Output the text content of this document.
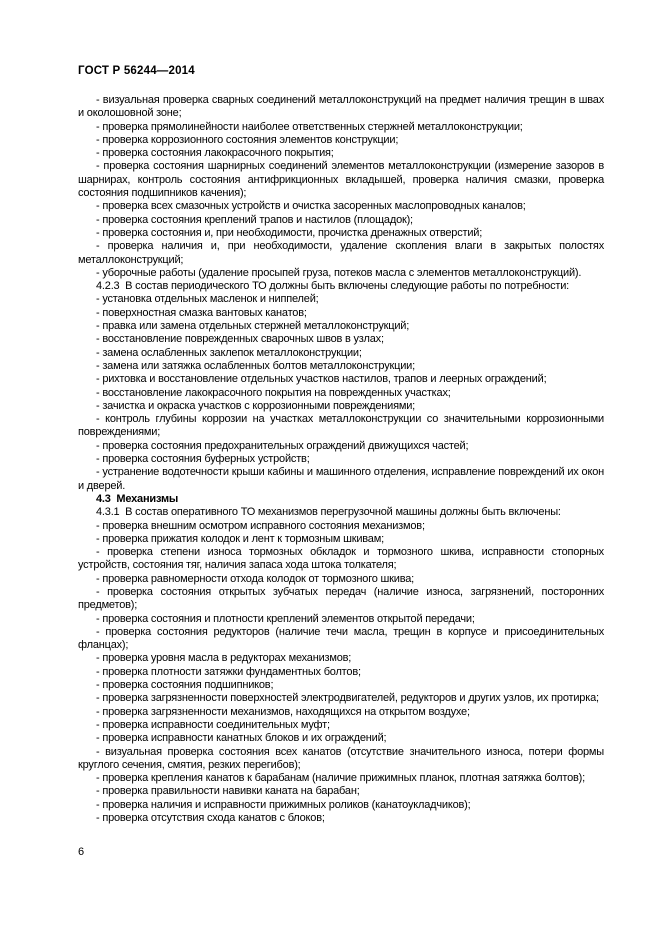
ГОСТ Р 56244—2014

- визуальная проверка сварных соединений металлоконструкций на предмет наличия трещин в швах и околошовной зоне;

- проверка прямолинейности наиболее ответственных стержней металлоконструкции;

- проверка коррозионного состояния элементов конструкции;

- проверка состояния лакокрасочного покрытия;

- проверка состояния шарнирных соединений элементов металлоконструкции (измерение зазоров в шарнирах, контроль состояния антифрикционных вкладышей, проверка наличия смазки, проверка состояния подшипников качения);

- проверка всех смазочных устройств и очистка засоренных маслопроводных каналов;

- проверка состояния креплений трапов и настилов (площадок);

- проверка состояния и, при необходимости, прочистка дренажных отверстий;

- проверка наличия и, при необходимости, удаление скопления влаги в закрытых полостях металлоконструкций;

- уборочные работы (удаление просыпей груза, потеков масла с элементов металлоконструкций).

4.2.3  В состав периодического ТО должны быть включены следующие работы по потребности:

- установка отдельных масленок и ниппелей;

- поверхностная смазка вантовых канатов;

- правка или замена отдельных стержней металлоконструкций;

- восстановление поврежденных сварочных швов в узлах;

- замена ослабленных заклепок металлоконструкции;

- замена или затяжка ослабленных болтов металлоконструкции;

- рихтовка и восстановление отдельных участков настилов, трапов и леерных ограждений;

- восстановление лакокрасочного покрытия на поврежденных участках;

- зачистка и окраска участков с коррозионными повреждениями;

- контроль глубины коррозии на участках металлоконструкции со значительными коррозионными повреждениями;

- проверка состояния предохранительных ограждений движущихся частей;

- проверка состояния буферных устройств;

- устранение водотечности крыши кабины и машинного отделения, исправление повреждений их окон и дверей.

4.3  Механизмы

4.3.1  В состав оперативного ТО механизмов перегрузочной машины должны быть включены:

- проверка внешним осмотром исправного состояния механизмов;

- проверка прижатия колодок и лент к тормозным шкивам;

- проверка степени износа тормозных обкладок и тормозного шкива, исправности стопорных устройств, состояния тяг, наличия запаса хода штока толкателя;

- проверка равномерности отхода колодок от тормозного шкива;

- проверка состояния открытых зубчатых передач (наличие износа, загрязнений, посторонних предметов);

- проверка состояния и плотности креплений элементов открытой передачи;

- проверка состояния редукторов (наличие течи масла, трещин в корпусе и присоединительных фланцах);

- проверка уровня масла в редукторах механизмов;

- проверка плотности затяжки фундаментных болтов;

- проверка состояния подшипников;

- проверка загрязненности поверхностей электродвигателей, редукторов и других узлов, их протирка;

- проверка загрязненности механизмов, находящихся на открытом воздухе;

- проверка исправности соединительных муфт;

- проверка исправности канатных блоков и их ограждений;

- визуальная проверка состояния всех канатов (отсутствие значительного износа, потери формы круглого сечения, смятия, резких перегибов);

- проверка крепления канатов к барабанам (наличие прижимных планок, плотная затяжка болтов);

- проверка правильности навивки каната на барабан;

- проверка наличия и исправности прижимных роликов (канатоукладчиков);

- проверка отсутствия схода канатов с блоков;

6
